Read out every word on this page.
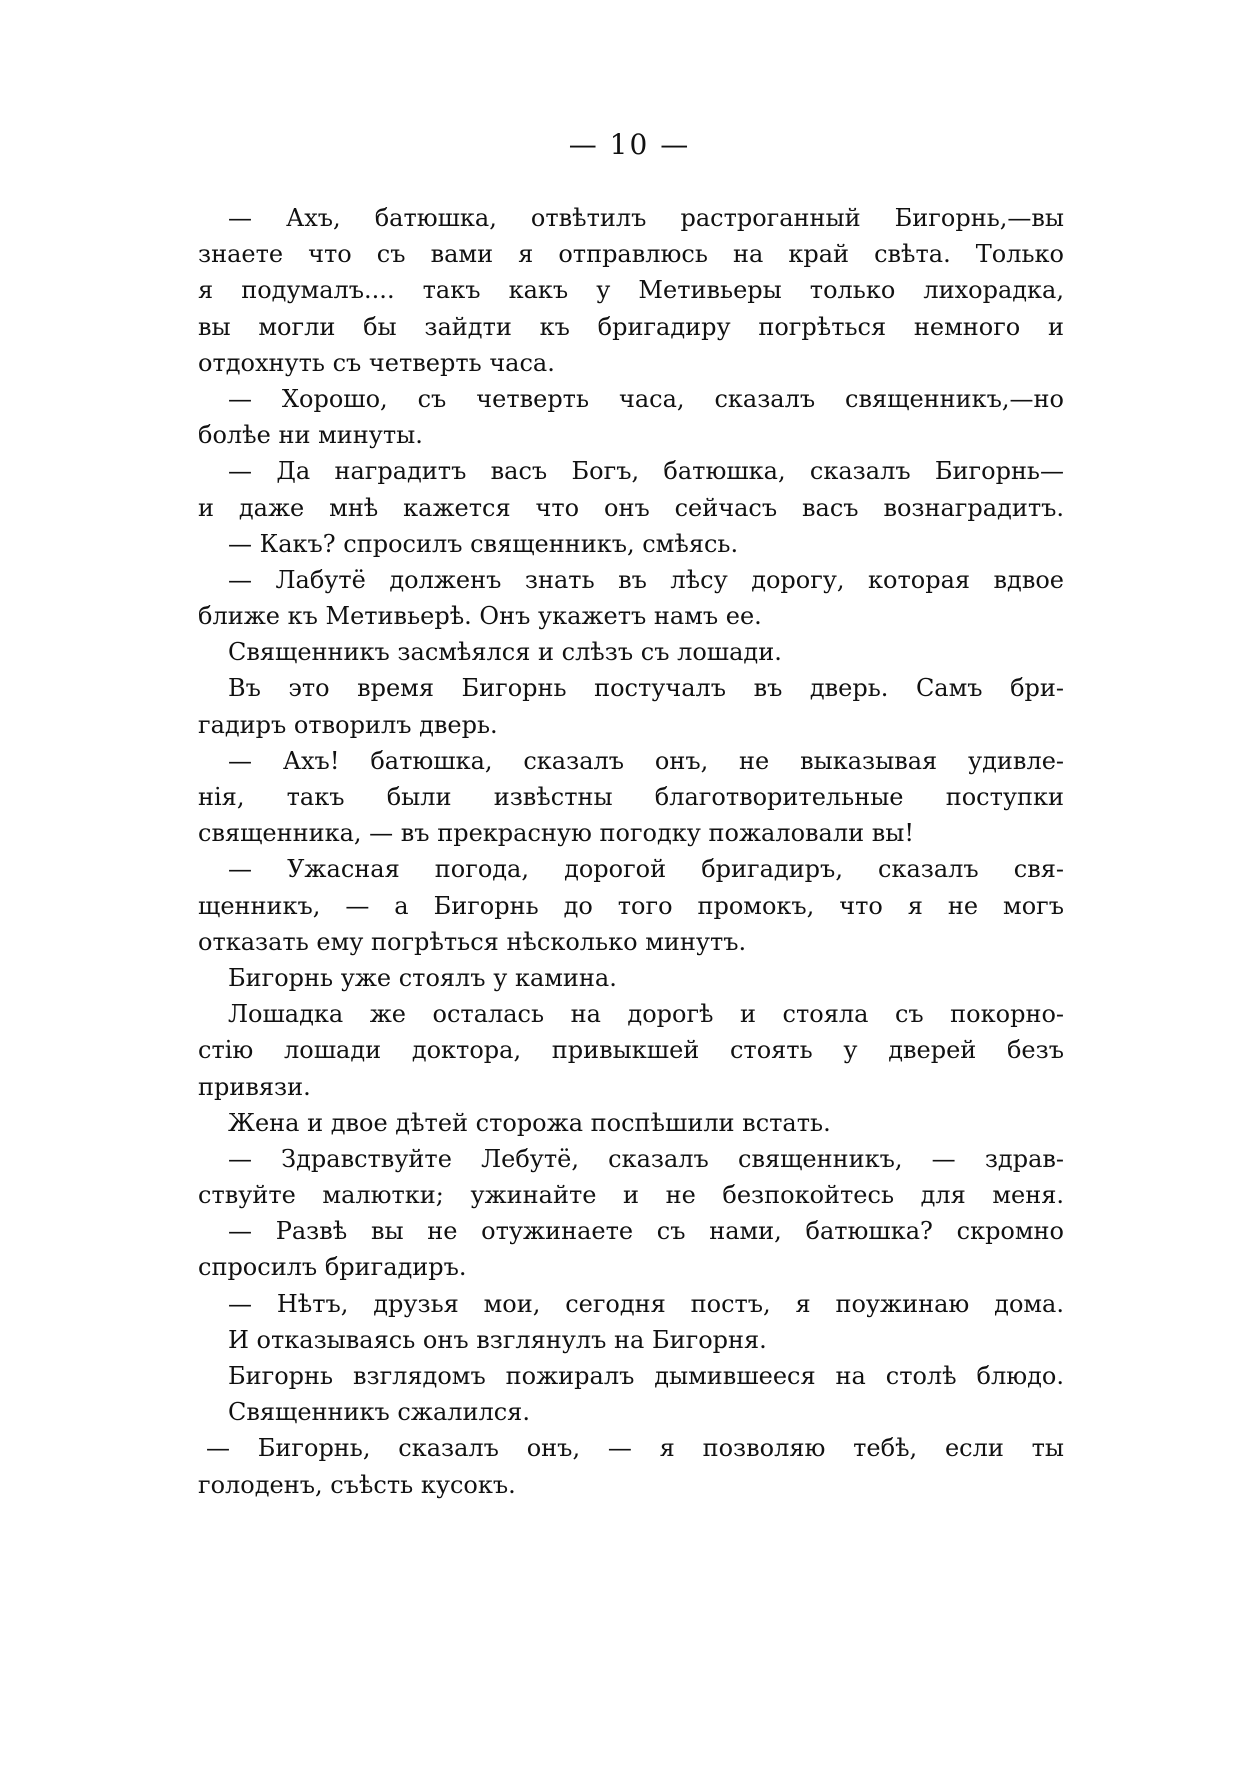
— 10 —
— Ахъ, батюшка, отвѣтилъ растроганный Бигорнь,—вы
знаете что съ вами я отправлюсь на край свѣта. Только
я подумалъ.... такъ какъ у Метивьеры только лихорадка,
вы могли бы зайдти къ бригадиру погрѣться немного и
отдохнуть съ четверть часа.
— Хорошо, съ четверть часа, сказалъ священникъ,—но
болѣе ни минуты.
— Да наградитъ васъ Богъ, батюшка, сказалъ Бигорнь—
и даже мнѣ кажется что онъ сейчасъ васъ вознаградитъ.
— Какъ? спросилъ священникъ, смѣясь.
— Лабутё долженъ знать въ лѣсу дорогу, которая вдвое
ближе къ Метивьерѣ. Онъ укажетъ намъ ее.
Священникъ засмѣялся и слѣзъ съ лошади.
Въ это время Бигорнь постучалъ въ дверь. Самъ бри-
гадиръ отворилъ дверь.
— Ахъ! батюшка, сказалъ онъ, не выказывая удивле-
нія, такъ были извѣстны благотворительные поступки
священника, — въ прекрасную погодку пожаловали вы!
— Ужасная погода, дорогой бригадиръ, сказалъ свя-
щенникъ, — а Бигорнь до того промокъ, что я не могъ
отказать ему погрѣться нѣсколько минутъ.
Бигорнь уже стоялъ у камина.
Лошадка же осталась на дорогѣ и стояла съ покорно-
стію лошади доктора, привыкшей стоять у дверей безъ
привязи.
Жена и двое дѣтей сторожа поспѣшили встать.
— Здравствуйте Лебутё, сказалъ священникъ, — здрав-
ствуйте малютки; ужинайте и не безпокойтесь для меня.
— Развѣ вы не отужинаете съ нами, батюшка? скромно
спросилъ бригадиръ.
— Нѣтъ, друзья мои, сегодня постъ, я поужинаю дома.
И отказываясь онъ взглянулъ на Бигорня.
Бигорнь взглядомъ пожиралъ дымившееся на столѣ блюдо.
Священникъ сжалился.
— Бигорнь, сказалъ онъ, — я позволяю тебѣ, если ты
голоденъ, съѣсть кусокъ.
